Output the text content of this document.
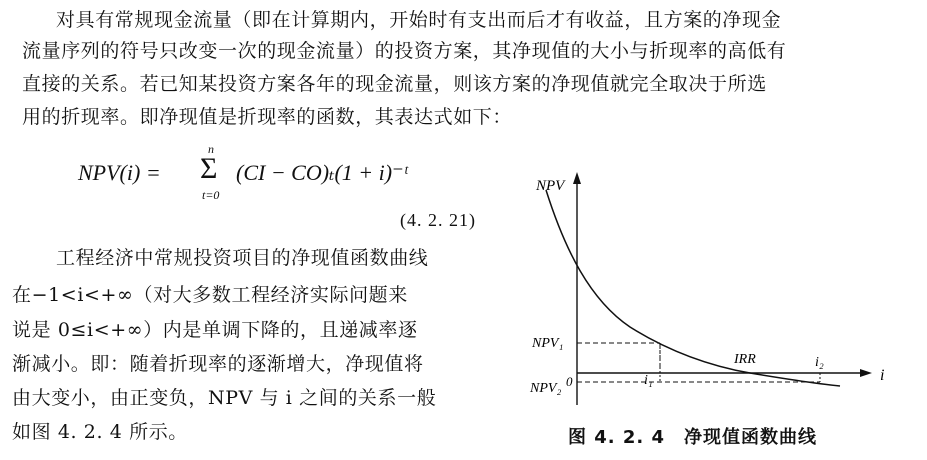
对具有常规现金流量（即在计算期内，开始时有支出而后才有收益，且方案的净现金
流量序列的符号只改变一次的现金流量）的投资方案，其净现值的大小与折现率的高低有
直接的关系。若已知某投资方案各年的现金流量，则该方案的净现值就完全取决于所选
用的折现率。即净现值是折现率的函数，其表达式如下：
NPV(i) =
n
Σ
t=0
(CI − CO)ₜ(1 + i)⁻ᵗ
(4. 2. 21)
工程经济中常规投资项目的净现值函数曲线
在−1<i<+∞（对大多数工程经济实际问题来
说是 0≤i<+∞）内是单调下降的，且递减率逐
渐减小。即：随着折现率的逐渐增大，净现值将
由大变小，由正变负，NPV 与 i 之间的关系一般
如图 4. 2. 4 所示。
NPV
i
0
NPV₁
NPV₂
i₁
i₂
IRR
图 4. 2. 4　净现值函数曲线
